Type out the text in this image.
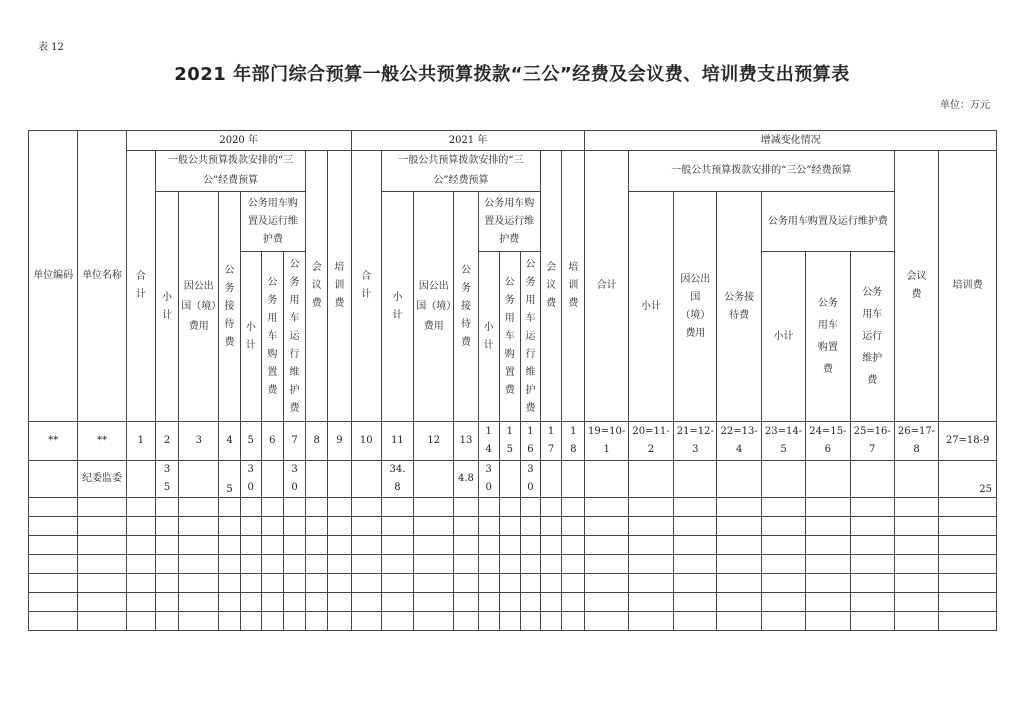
表 12
2021 年部门综合预算一般公共预算拨款“三公”经费及会议费、培训费支出预算表
单位：万元
单位编码	单位名称	2020 年									2021 年									增减变化情况								
		合计	一般公共预算拨款安排的“三公”经费预算						会议费	培训费	合计	一般公共预算拨款安排的“三公”经费预算						会议费	培训费	合计	一般公共预算拨款安排的“三公”经费预算						会议费	培训费
			小计	因公出国（境）费用	公务接待费	公务用车购置及运行维护费						小计	因公出国（境）费用	公务接待费	公务用车购置及运行维护费						小计	因公出国（境）费用	公务接待费	公务用车购置及运行维护费				
						小计	公务用车购置费	公务用车运行维护费							小计	公务用车购置费	公务用车运行维护费							小计	公务用车购置费	公务用车运行维护费		
**	**	1	2	3	4	5	6	7	8	9	10	11	12	13	14	15	16	17	18	19=10-1	20=11-2	21=12-3	22=13-4	23=14-5	24=15-6	25=16-7	26=17-8	27=18-9
	纪委监委		35		5	30		30				34.8		4.8	30		30											25
